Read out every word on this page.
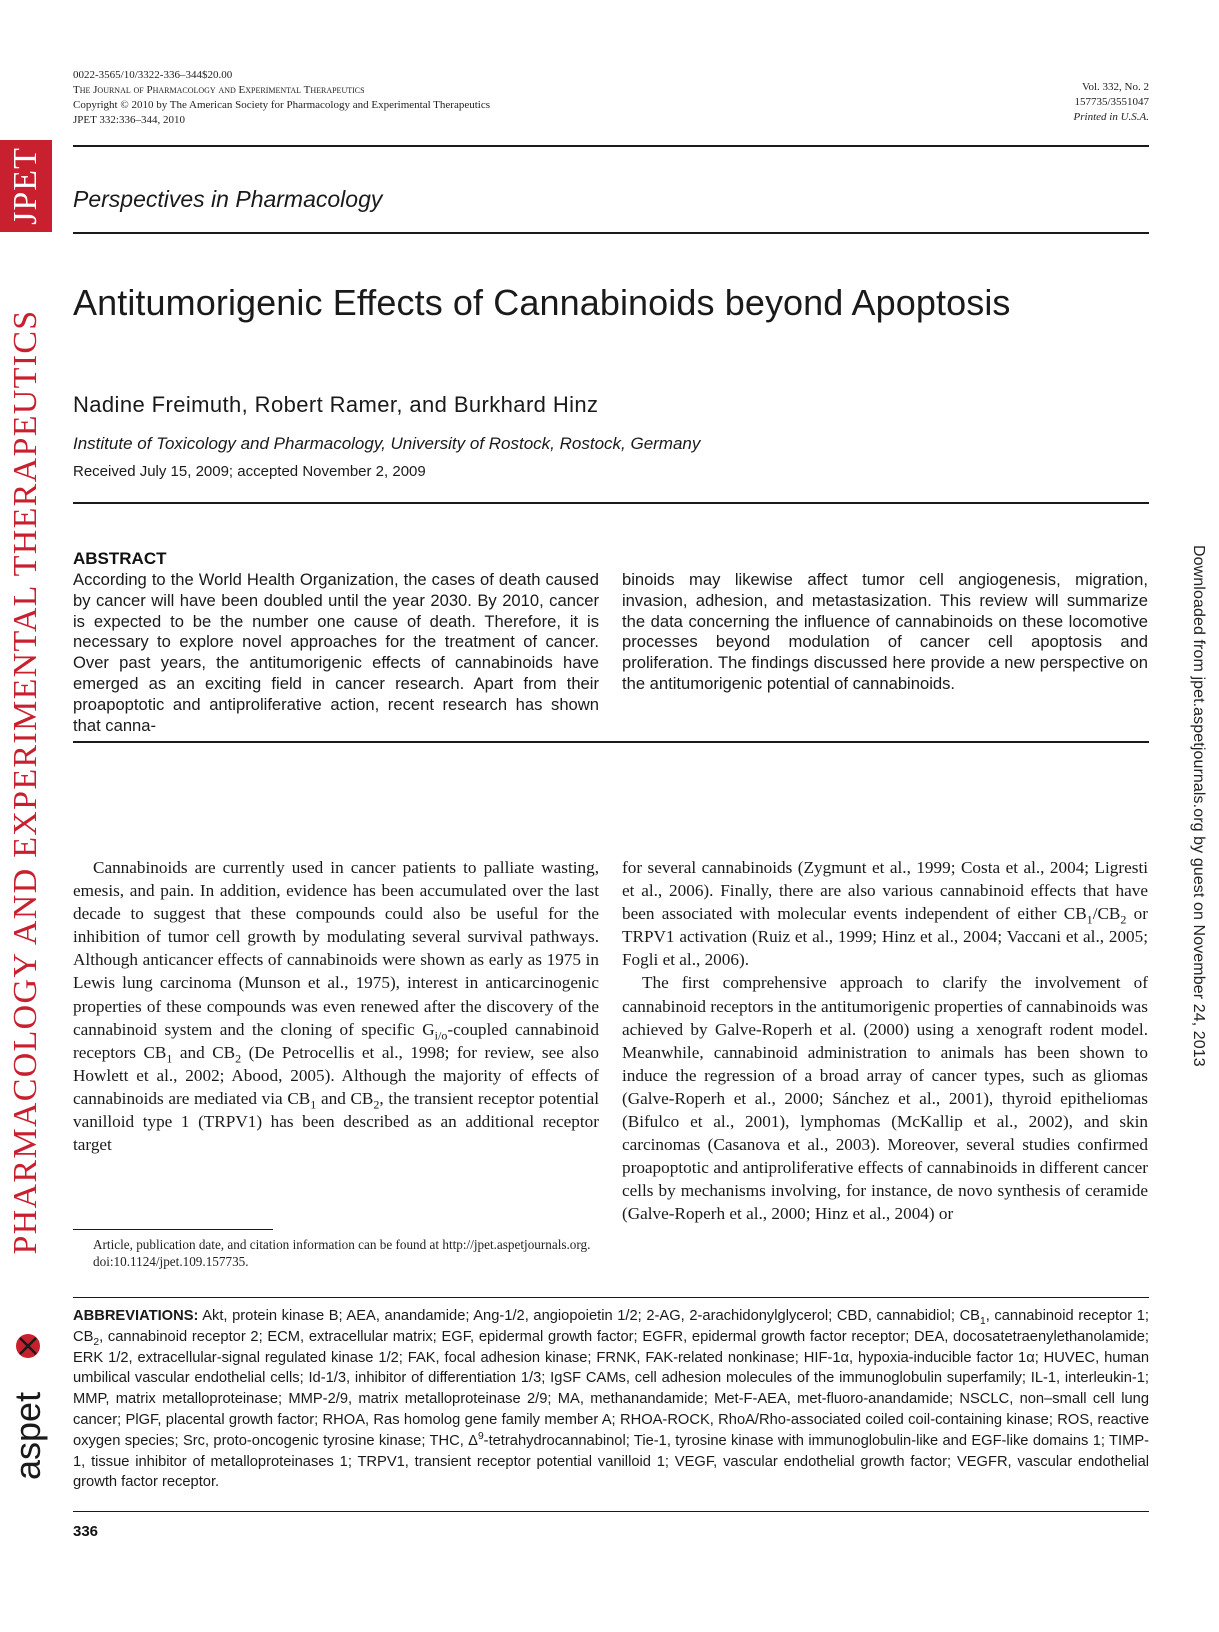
0022-3565/10/3322-336–344$20.00
The Journal of Pharmacology and Experimental Therapeutics
Copyright © 2010 by The American Society for Pharmacology and Experimental Therapeutics
JPET 332:336–344, 2010
Vol. 332, No. 2
157735/3551047
Printed in U.S.A.
JPET
PHARMACOLOGY AND EXPERIMENTAL THERAPEUTICS
aspet
Downloaded from jpet.aspetjournals.org by guest on November 24, 2013
Perspectives in Pharmacology
Antitumorigenic Effects of Cannabinoids beyond Apoptosis
Nadine Freimuth, Robert Ramer, and Burkhard Hinz
Institute of Toxicology and Pharmacology, University of Rostock, Rostock, Germany
Received July 15, 2009; accepted November 2, 2009
ABSTRACT
According to the World Health Organization, the cases of death caused by cancer will have been doubled until the year 2030. By 2010, cancer is expected to be the number one cause of death. Therefore, it is necessary to explore novel approaches for the treatment of cancer. Over past years, the antitumorigenic effects of cannabinoids have emerged as an exciting field in cancer research. Apart from their proapoptotic and antiproliferative action, recent research has shown that canna-
binoids may likewise affect tumor cell angiogenesis, migration, invasion, adhesion, and metastasization. This review will summarize the data concerning the influence of cannabinoids on these locomotive processes beyond modulation of cancer cell apoptosis and proliferation. The findings discussed here provide a new perspective on the antitumorigenic potential of cannabinoids.

Cannabinoids are currently used in cancer patients to palliate wasting, emesis, and pain. In addition, evidence has been accumulated over the last decade to suggest that these compounds could also be useful for the inhibition of tumor cell growth by modulating several survival pathways. Although anticancer effects of cannabinoids were shown as early as 1975 in Lewis lung carcinoma (Munson et al., 1975), interest in anticarcinogenic properties of these compounds was even renewed after the discovery of the cannabinoid system and the cloning of specific $G_{i/o}$-coupled cannabinoid receptors $CB_1$ and $CB_2$ (De Petrocellis et al., 1998; for review, see also Howlett et al., 2002; Abood, 2005). Although the majority of effects of cannabinoids are mediated via $CB_1$ and $CB_2$, the transient receptor potential vanilloid type 1 (TRPV1) has been described as an additional receptor target

for several cannabinoids (Zygmunt et al., 1999; Costa et al., 2004; Ligresti et al., 2006). Finally, there are also various cannabinoid effects that have been associated with molecular events independent of either $CB_1/CB_2$ or TRPV1 activation (Ruiz et al., 1999; Hinz et al., 2004; Vaccani et al., 2005; Fogli et al., 2006).

The first comprehensive approach to clarify the involvement of cannabinoid receptors in the antitumorigenic properties of cannabinoids was achieved by Galve-Roperh et al. (2000) using a xenograft rodent model. Meanwhile, cannabinoid administration to animals has been shown to induce the regression of a broad array of cancer types, such as gliomas (Galve-Roperh et al., 2000; Sánchez et al., 2001), thyroid epitheliomas (Bifulco et al., 2001), lymphomas (McKallip et al., 2002), and skin carcinomas (Casanova et al., 2003). Moreover, several studies confirmed proapoptotic and antiproliferative effects of cannabinoids in different cancer cells by mechanisms involving, for instance, de novo synthesis of ceramide (Galve-Roperh et al., 2000; Hinz et al., 2004) or

Article, publication date, and citation information can be found at http://jpet.aspetjournals.org.
doi:10.1124/jpet.109.157735.
ABBREVIATIONS: Akt, protein kinase B; AEA, anandamide; Ang-1/2, angiopoietin 1/2; 2-AG, 2-arachidonylglycerol; CBD, cannabidiol; $CB_1$, cannabinoid receptor 1; $CB_2$, cannabinoid receptor 2; ECM, extracellular matrix; EGF, epidermal growth factor; EGFR, epidermal growth factor receptor; DEA, docosatetraenylethanolamide; ERK 1/2, extracellular-signal regulated kinase 1/2; FAK, focal adhesion kinase; FRNK, FAK-related nonkinase; HIF-1α, hypoxia-inducible factor 1α; HUVEC, human umbilical vascular endothelial cells; Id-1/3, inhibitor of differentiation 1/3; IgSF CAMs, cell adhesion molecules of the immunoglobulin superfamily; IL-1, interleukin-1; MMP, matrix metalloproteinase; MMP-2/9, matrix metalloproteinase 2/9; MA, methanandamide; Met-F-AEA, met-fluoro-anandamide; NSCLC, non–small cell lung cancer; PlGF, placental growth factor; RHOA, Ras homolog gene family member A; RHOA-ROCK, RhoA/Rho-associated coiled coil-containing kinase; ROS, reactive oxygen species; Src, proto-oncogenic tyrosine kinase; THC, $\Delta^9$-tetrahydrocannabinol; Tie-1, tyrosine kinase with immunoglobulin-like and EGF-like domains 1; TIMP-1, tissue inhibitor of metalloproteinases 1; TRPV1, transient receptor potential vanilloid 1; VEGF, vascular endothelial growth factor; VEGFR, vascular endothelial growth factor receptor.
336
